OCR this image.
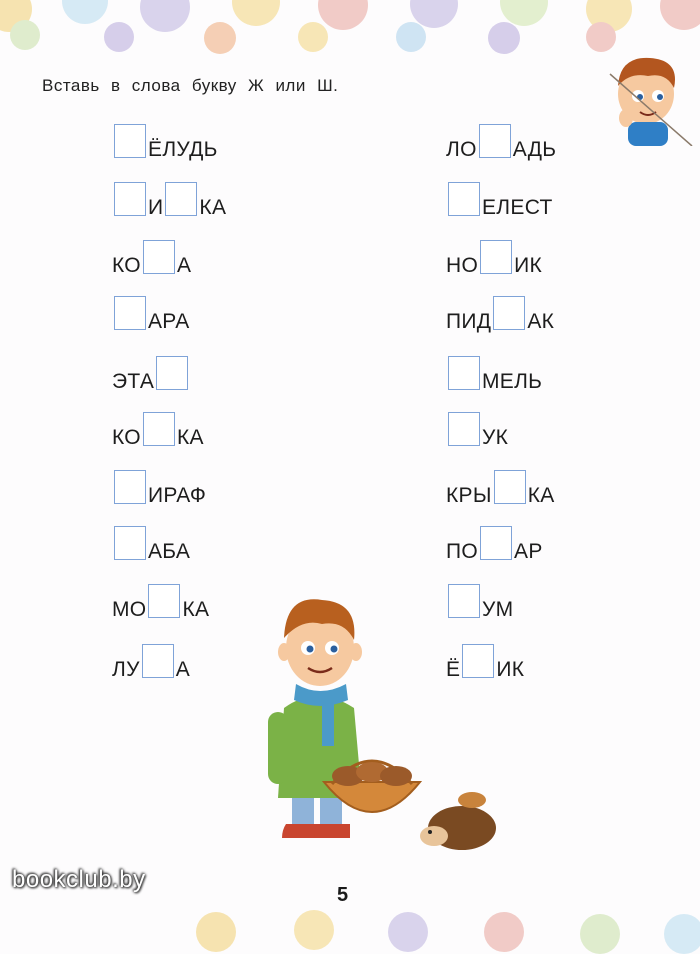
Вставь в слова букву Ж или Ш.
ЁЛУДЬ
И КА
КО А
АРА
ЭТА
КО КА
ИРАФ
АБА
МО КА
ЛУ А
ЛО АДЬ
ЕЛЕСТ
НО ИК
ПИД АК
МЕЛЬ
УК
КРЫ КА
ПО АР
УМ
Ё ИК
bookclub.by
5
